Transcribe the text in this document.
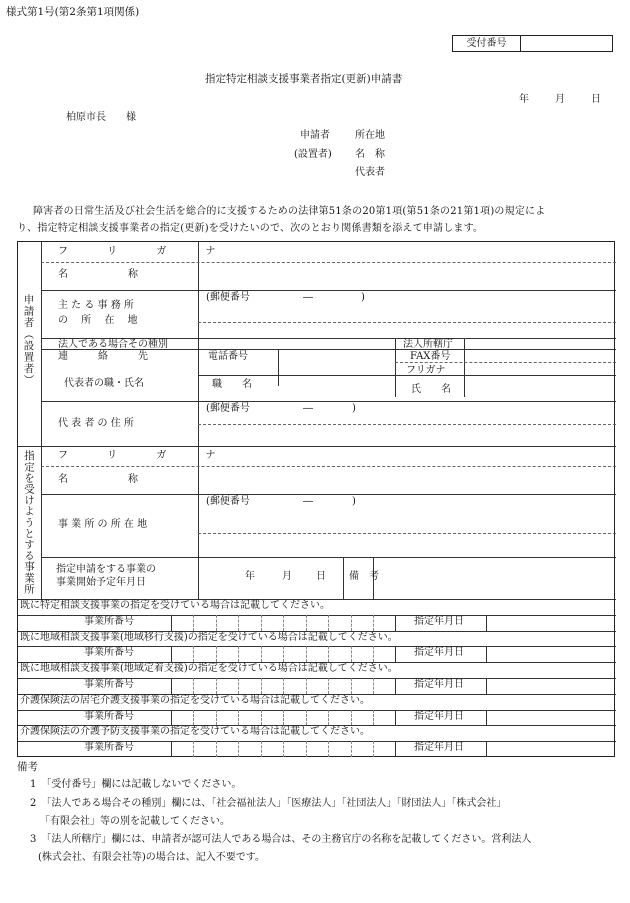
様式第1号(第2条第1項関係)
受付番号
指定特定相談支援事業者指定(更新)申請書
年	月	日
柏原市長　　様
申請者
(設置者)
所在地
名　称
代表者
障害者の日常生活及び社会生活を総合的に支援するための法律第51条の20第1項(第51条の21第1項)の規定によ
り、指定特定相談支援事業者の指定(更新)を受けたいので、次のとおり関係書類を添えて申請します。
申請者（設置者）
指定を受けようとする事業所
フ リ ガ ナ
名　　　　　　称
主 た る 事 務 所
の　 所　 在　 地
(郵便番号	―	)
法人である場合その種別	法人所轄庁
連　　　絡　　　先	電話番号	FAX番号
フリガナ
代表者の職・氏名	職　　名	氏　　名
(郵便番号	―	)
代 表 者 の 住 所
フ リ ガ ナ
名　　　　　　称
(郵便番号	―	)
事 業 所 の 所 在 地
指定申請をする事業の
事業開始予定年月日
年	月 日 備　考
既に特定相談支援事業の指定を受けている場合は記載してください。
事業所番号	指定年月日
既に地域相談支援事業(地域移行支援)の指定を受けている場合は記載してください。
事業所番号	指定年月日
既に地域相談支援事業(地域定着支援)の指定を受けている場合は記載してください。
事業所番号	指定年月日
介護保険法の居宅介護支援事業の指定を受けている場合は記載してください。
事業所番号	指定年月日
介護保険法の介護予防支援事業の指定を受けている場合は記載してください。
事業所番号	指定年月日
備考
1　「受付番号」欄には記載しないでください。
2　「法人である場合その種別」欄には、「社会福祉法人」「医療法人」「社団法人」「財団法人」「株式会社」
「有限会社」等の別を記載してください。
3　「法人所轄庁」欄には、申請者が認可法人である場合は、その主務官庁の名称を記載してください。営利法人
(株式会社、有限会社等)の場合は、記入不要です。
